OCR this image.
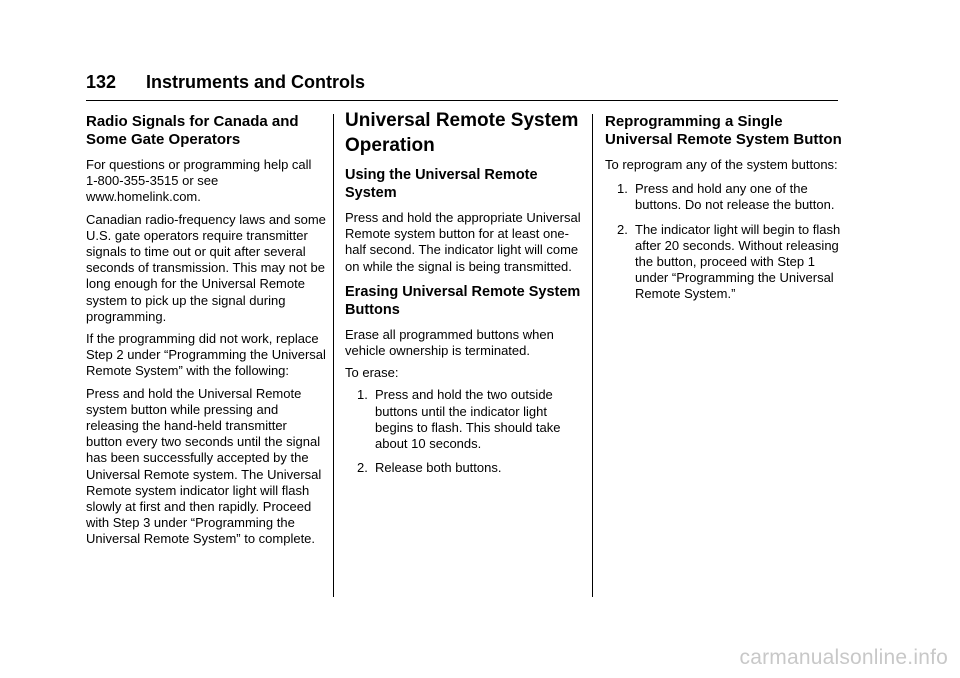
132 Instruments and Controls
Radio Signals for Canada and Some Gate Operators

For questions or programming help call 1-800-355-3515 or see www.homelink.com.

Canadian radio-frequency laws and some U.S. gate operators require transmitter signals to time out or quit after several seconds of transmission. This may not be long enough for the Universal Remote system to pick up the signal during programming.

If the programming did not work, replace Step 2 under “Programming the Universal Remote System” with the following:

Press and hold the Universal Remote system button while pressing and releasing the hand-held transmitter button every two seconds until the signal has been successfully accepted by the Universal Remote system. The Universal Remote system indicator light will flash slowly at first and then rapidly. Proceed with Step 3 under “Programming the Universal Remote System” to complete.

Universal Remote System Operation
Using the Universal Remote System

Press and hold the appropriate Universal Remote system button for at least one-half second. The indicator light will come on while the signal is being transmitted.

Erasing Universal Remote System Buttons

Erase all programmed buttons when vehicle ownership is terminated.

To erase:

1. Press and hold the two outside buttons until the indicator light begins to flash. This should take about 10 seconds.
2. Release both buttons.
Reprogramming a Single Universal Remote System Button

To reprogram any of the system buttons:

1. Press and hold any one of the buttons. Do not release the button.
2. The indicator light will begin to flash after 20 seconds. Without releasing the button, proceed with Step 1 under “Programming the Universal Remote System.”
carmanualsonline.info
